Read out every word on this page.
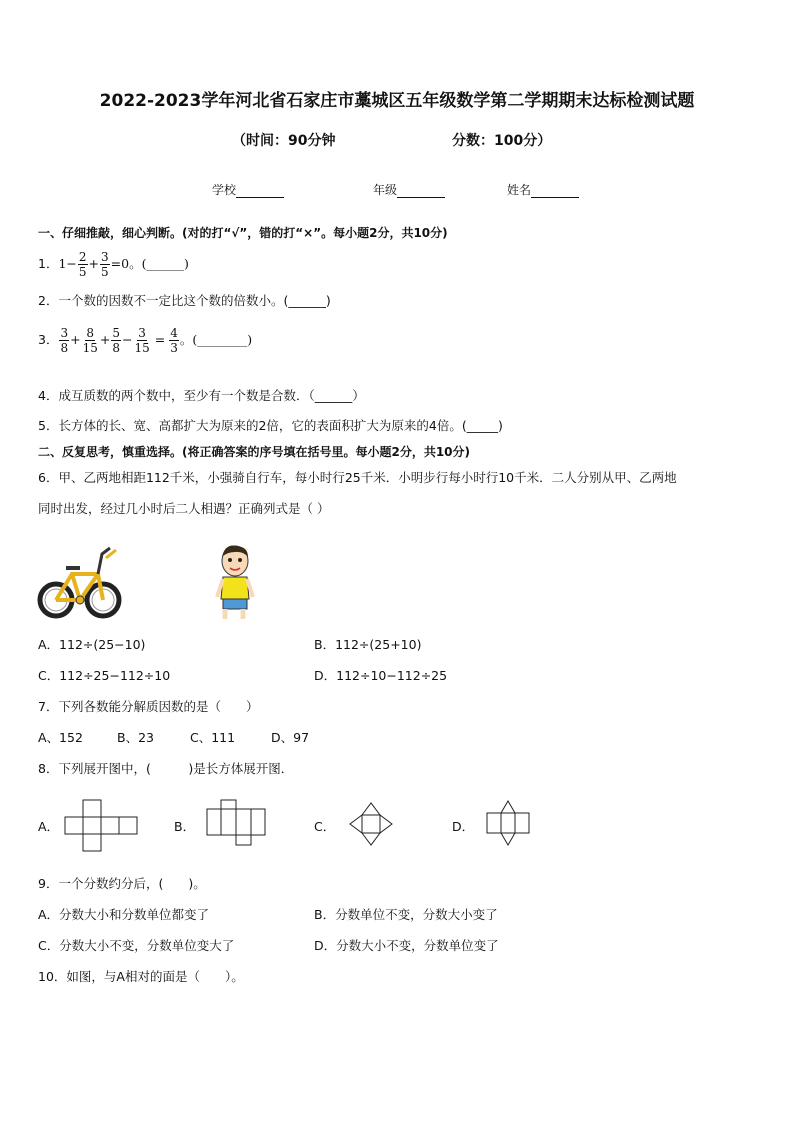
2022-2023学年河北省石家庄市藁城区五年级数学第二学期期末达标检测试题
（时间：90分钟	分数：100分）
学校	年级	姓名
一、仔细推敲，细心判断。(对的打“√”，错的打“×”。每小题2分，共10分)
1．$1- \frac{2}{5} + \frac{3}{5} =0$。(______)
2．一个数的因数不一定比这个数的倍数小。(______)
3． $\frac{3}{8} + \frac{8}{15} + \frac{5}{8} - \frac{3}{15} = \frac{4}{3}$ 。(________)
4．成互质数的两个数中，至少有一个数是合数．（______）
5．长方体的长、宽、高都扩大为原来的2倍，它的表面积扩大为原来的4倍。(_____)
二、反复思考，慎重选择。(将正确答案的序号填在括号里。每小题2分，共10分)
6．甲、乙两地相距112千米，小强骑自行车，每小时行25千米．小明步行每小时行10千米．二人分别从甲、乙两地
同时出发，经过几小时后二人相遇？正确列式是（ ）
A．112÷(25−10)	B．112÷(25+10)
C．112÷25−112÷10	D．112÷10−112÷25
7．下列各数能分解质因数的是（　　）
A、152	B、23	C、111	D、97
8．下列展开图中，(　　　)是长方体展开图．
A．	B．	C．	D．
9．一个分数约分后，(　　)。
A．分数大小和分数单位都变了	B．分数单位不变，分数大小变了
C．分数大小不变，分数单位变大了	D．分数大小不变，分数单位变了
10．如图，与A相对的面是（　　）。
